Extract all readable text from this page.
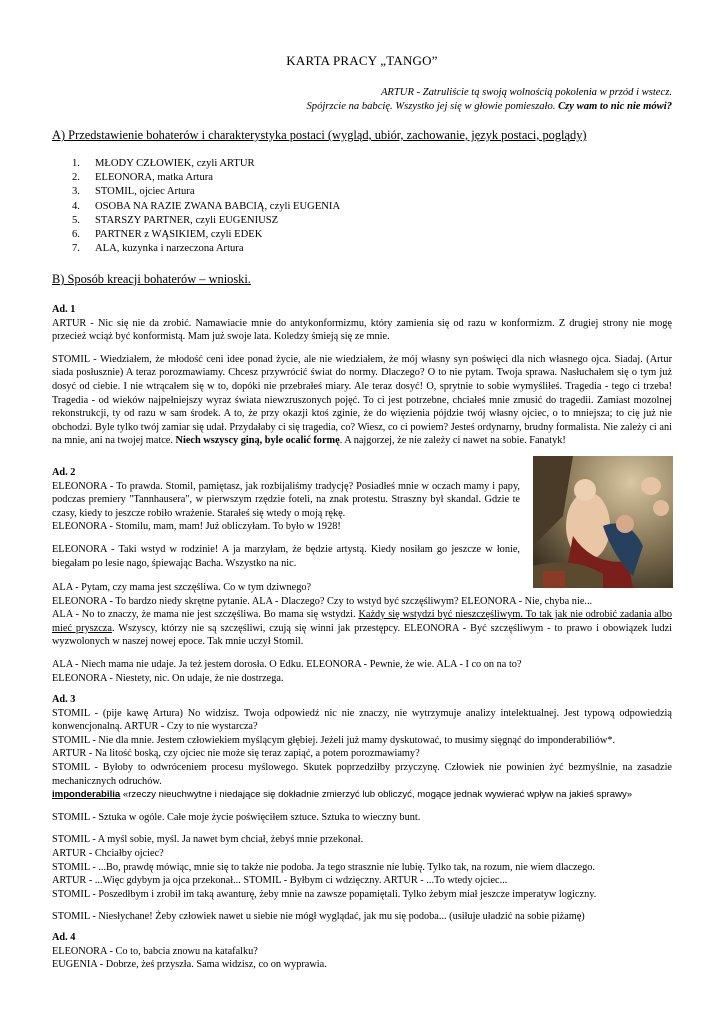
KARTA PRACY „TANGO”
ARTUR - Zatruliście tą swoją wolnością pokolenia w przód i wstecz.
Spójrzcie na babcię. Wszystko jej się w głowie pomieszało. Czy wam to nic nie mówi?
A) Przedstawienie bohaterów i charakterystyka postaci (wygląd, ubiór, zachowanie, język postaci, poglądy)
1. MŁODY CZŁOWIEK, czyli ARTUR
2. ELEONORA, matka Artura
3. STOMIL, ojciec Artura
4. OSOBA NA RAZIE ZWANA BABCIĄ, czyli EUGENIA
5. STARSZY PARTNER, czyli EUGENIUSZ
6. PARTNER z WĄSIKIEM, czyli EDEK
7. ALA, kuzynka i narzeczona Artura
B) Sposób kreacji bohaterów – wnioski.
Ad. 1

ARTUR - Nic się nie da zrobić. Namawiacie mnie do antykonformizmu, który zamienia się od razu w konformizm. Z drugiej strony nie mogę przecież wciąż być konformistą. Mam już swoje lata. Koledzy śmieją się ze mnie.

STOMIL - Wiedziałem, że młodość ceni idee ponad życie, ale nie wiedziałem, że mój własny syn poświęci dla nich własnego ojca. Siadaj. (Artur siada posłusznie) A teraz porozmawiamy. Chcesz przywrócić świat do normy. Dlaczego? O to nie pytam. Twoja sprawa. Nasłuchałem się o tym już dosyć od ciebie. I nie wtrącałem się w to, dopóki nie przebrałeś miary. Ale teraz dosyć! O, sprytnie to sobie wymyśliłeś. Tragedia - tego ci trzeba! Tragedia - od wieków najpełniejszy wyraz świata niewzruszonych pojęć. To ci jest potrzebne, chciałeś mnie zmusić do tragedii. Zamiast mozolnej rekonstrukcji, ty od razu w sam środek. A to, że przy okazji ktoś zginie, że do więzienia pójdzie twój własny ojciec, o to mniejsza; to cię już nie obchodzi. Byle tylko twój zamiar się udał. Przydałaby ci się tragedia, co? Wiesz, co ci powiem? Jesteś ordynarny, brudny formalista. Nie zależy ci ani na mnie, ani na twojej matce. Niech wszyscy giną, byle ocalić formę. A najgorzej, że nie zależy ci nawet na sobie. Fanatyk!

Ad. 2
ELEONORA - To prawda. Stomil, pamiętasz, jak rozbijaliśmy tradycję? Posiadłeś mnie w oczach mamy i papy, podczas premiery "Tannhausera", w pierwszym rzędzie foteli, na znak protestu. Straszny był skandal. Gdzie te czasy, kiedy to jeszcze robiło wrażenie. Starałeś się wtedy o moją rękę.

ELEONORA - Stomilu, mam, mam! Już obliczyłam. To było w 1928!

ELEONORA - Taki wstyd w rodzinie! A ja marzyłam, że będzie artystą. Kiedy nosiłam go jeszcze w łonie, biegałam po lesie nago, śpiewając Bacha. Wszystko na nic.

ALA - Pytam, czy mama jest szczęśliwa. Co w tym dziwnego?
ELEONORA - To bardzo niedy skrętne pytanie. ALA - Dlaczego? Czy to wstyd być szczęśliwym? ELEONORA - Nie, chyba nie...

ALA - No to znaczy, że mama nie jest szczęśliwa. Bo mama się wstydzi. Każdy się wstydzi być nieszczęśliwym. To tak jak nie odrobić zadania albo mieć pryszcza. Wszyscy, którzy nie są szczęśliwi, czują się winni jak przestępcy. ELEONORA - Być szczęśliwym - to prawo i obowiązek ludzi wyzwolonych w naszej nowej epoce. Tak mnie uczył Stomil.

ALA - Niech mama nie udaje. Ja też jestem dorosła. O Edku. ELEONORA - Pewnie, że wie. ALA - I co on na to?

ELEONORA - Niestety, nic. On udaje, że nie dostrzega.

Ad. 3
STOMIL - (pije kawę Artura) No widzisz. Twoja odpowiedź nic nie znaczy, nie wytrzymuje analizy intelektualnej. Jest typową odpowiedzią konwencjonalną. ARTUR - Czy to nie wystarcza?
STOMIL - Nie dla mnie. Jestem człowiekiem myślącym głębiej. Jeżeli już mamy dyskutować, to musimy sięgnąć do imponderabiliów*.
ARTUR - Na litość boską, czy ojciec nie może się teraz zapiąć, a potem porozmawiamy?
STOMIL - Byłoby to odwróceniem procesu myślowego. Skutek poprzedziłby przyczynę. Człowiek nie powinien żyć bezmyślnie, na zasadzie mechanicznych odruchów.

imponderabilia «rzeczy nieuchwytne i niedające się dokładnie zmierzyć lub obliczyć, mogące jednak wywierać wpływ na jakieś sprawy»

STOMIL - Sztuka w ogóle. Całe moje życie poświęciłem sztuce. Sztuka to wieczny bunt.

STOMIL - A myśl sobie, myśl. Ja nawet bym chciał, żebyś mnie przekonał.
ARTUR - Chciałby ojciec?
STOMIL - ...Bo, prawdę mówiąc, mnie się to także nie podoba. Ja tego strasznie nie lubię. Tylko tak, na rozum, nie wiem dlaczego.
ARTUR - ...Więc gdybym ja ojca przekonał... STOMIL - Byłbym ci wdzięczny. ARTUR - ...To wtedy ojciec...

STOMIL - Poszedłbym i zrobił im taką awanturę, żeby mnie na zawsze popamiętali. Tylko żebym miał jeszcze imperatyw logiczny.

STOMIL - Niesłychane! Żeby człowiek nawet u siebie nie mógł wyglądać, jak mu się podoba... (usiłuje uładzić na sobie piżamę)

Ad. 4
ELEONORA - Co to, babcia znowu na katafalku?
EUGENIA - Dobrze, żeś przyszła. Sama widzisz, co on wyprawia.
